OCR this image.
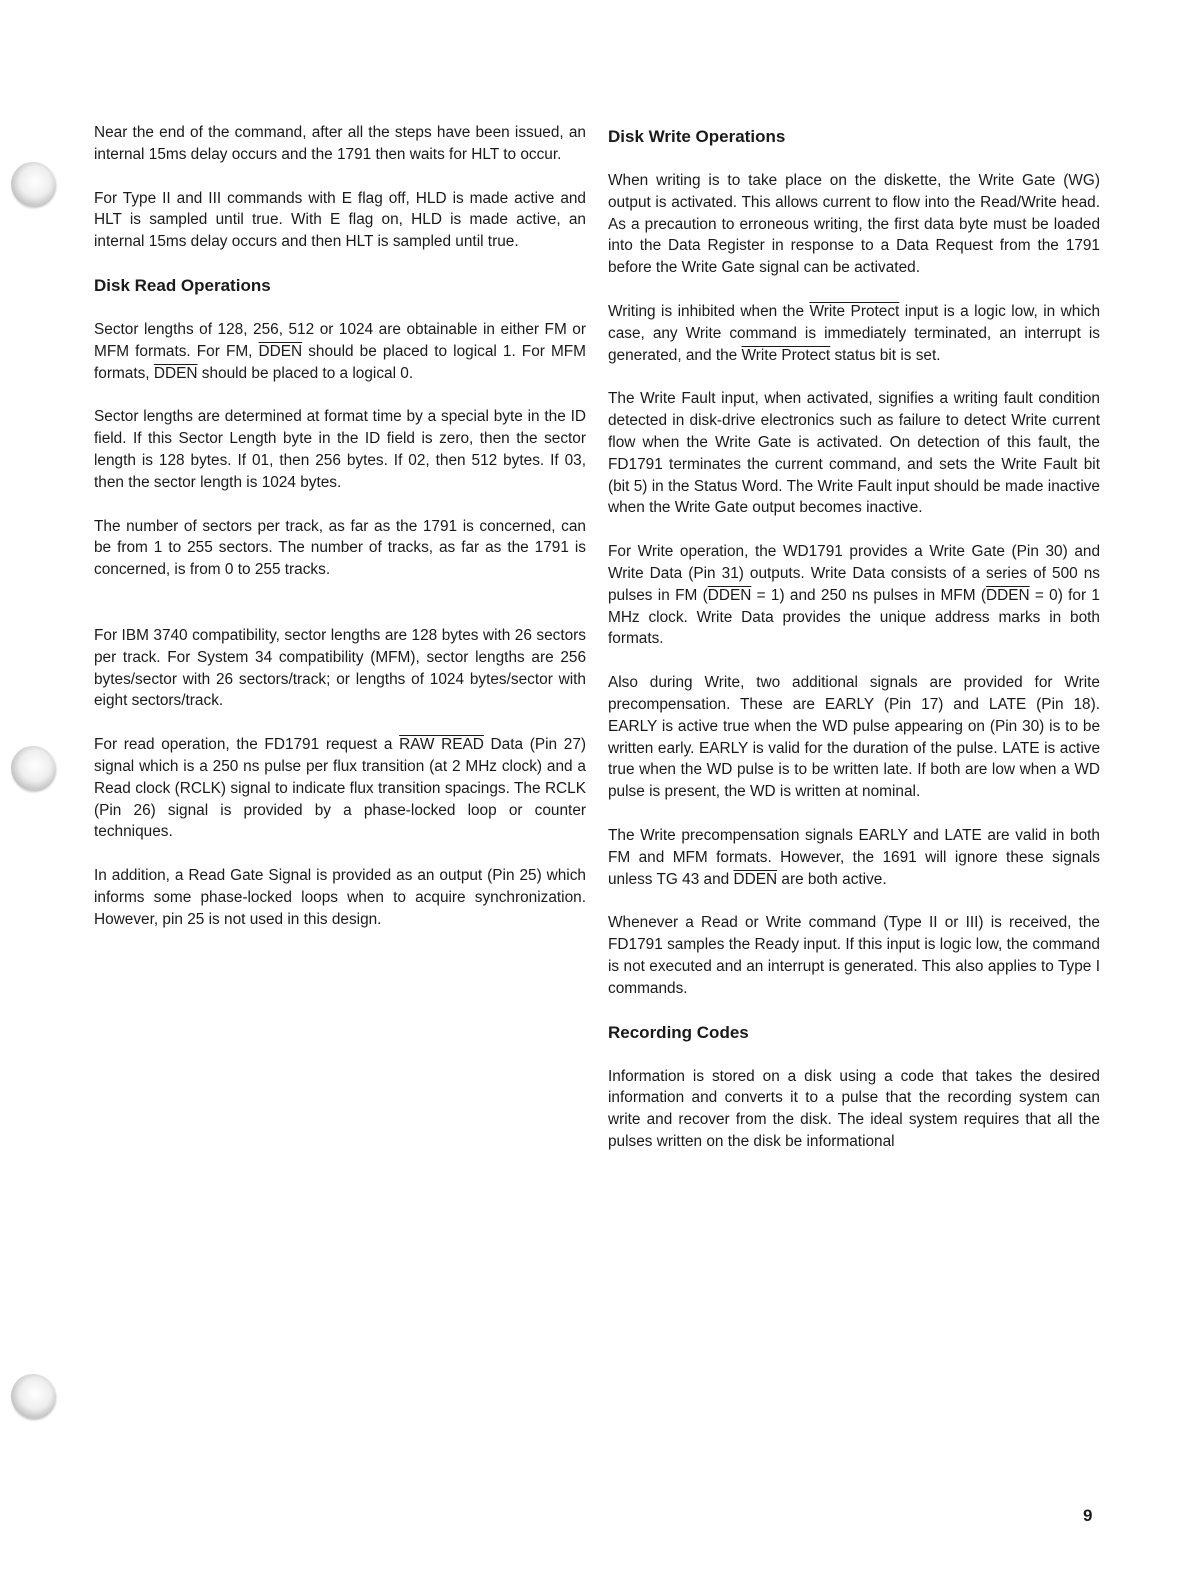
Near the end of the command, after all the steps have been issued, an internal 15ms delay occurs and the 1791 then waits for HLT to occur.

For Type II and III commands with E flag off, HLD is made active and HLT is sampled until true. With E flag on, HLD is made active, an internal 15ms delay occurs and then HLT is sampled until true.

Disk Read Operations

Sector lengths of 128, 256, 512 or 1024 are obtainable in either FM or MFM formats. For FM, DDEN should be placed to logical 1. For MFM formats, DDEN should be placed to a logical 0.

Sector lengths are determined at format time by a special byte in the ID field. If this Sector Length byte in the ID field is zero, then the sector length is 128 bytes. If 01, then 256 bytes. If 02, then 512 bytes. If 03, then the sector length is 1024 bytes.

The number of sectors per track, as far as the 1791 is concerned, can be from 1 to 255 sectors. The number of tracks, as far as the 1791 is concerned, is from 0 to 255 tracks.

For IBM 3740 compatibility, sector lengths are 128 bytes with 26 sectors per track. For System 34 compatibility (MFM), sector lengths are 256 bytes/sector with 26 sectors/track; or lengths of 1024 bytes/sector with eight sectors/track.

For read operation, the FD1791 request a RAW READ Data (Pin 27) signal which is a 250 ns pulse per flux transition (at 2 MHz clock) and a Read clock (RCLK) signal to indicate flux transition spacings. The RCLK (Pin 26) signal is provided by a phase-locked loop or counter techniques.

In addition, a Read Gate Signal is provided as an output (Pin 25) which informs some phase-locked loops when to acquire synchronization. However, pin 25 is not used in this design.

Disk Write Operations

When writing is to take place on the diskette, the Write Gate (WG) output is activated. This allows current to flow into the Read/Write head. As a precaution to erroneous writing, the first data byte must be loaded into the Data Register in response to a Data Request from the 1791 before the Write Gate signal can be activated.

Writing is inhibited when the Write Protect input is a logic low, in which case, any Write command is immediately terminated, an interrupt is generated, and the Write Protect status bit is set.

The Write Fault input, when activated, signifies a writing fault condition detected in disk-drive electronics such as failure to detect Write current flow when the Write Gate is activated. On detection of this fault, the FD1791 terminates the current command, and sets the Write Fault bit (bit 5) in the Status Word. The Write Fault input should be made inactive when the Write Gate output becomes inactive.

For Write operation, the WD1791 provides a Write Gate (Pin 30) and Write Data (Pin 31) outputs. Write Data consists of a series of 500 ns pulses in FM (DDEN = 1) and 250 ns pulses in MFM (DDEN = 0) for 1 MHz clock. Write Data provides the unique address marks in both formats.

Also during Write, two additional signals are provided for Write precompensation. These are EARLY (Pin 17) and LATE (Pin 18). EARLY is active true when the WD pulse appearing on (Pin 30) is to be written early. EARLY is valid for the duration of the pulse. LATE is active true when the WD pulse is to be written late. If both are low when a WD pulse is present, the WD is written at nominal.

The Write precompensation signals EARLY and LATE are valid in both FM and MFM formats. However, the 1691 will ignore these signals unless TG 43 and DDEN are both active.

Whenever a Read or Write command (Type II or III) is received, the FD1791 samples the Ready input. If this input is logic low, the command is not executed and an interrupt is generated. This also applies to Type I commands.

Recording Codes

Information is stored on a disk using a code that takes the desired information and converts it to a pulse that the recording system can write and recover from the disk. The ideal system requires that all the pulses written on the disk be informational

9
